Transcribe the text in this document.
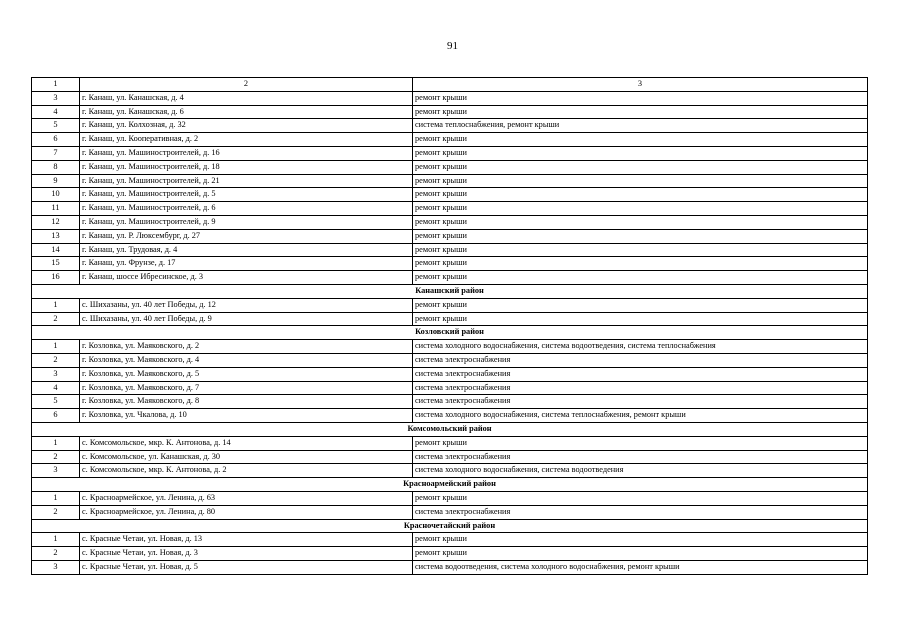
91
1	2	3
3	г. Канаш, ул. Канашская, д. 4	ремонт крыши
4	г. Канаш, ул. Канашская, д. 6	ремонт крыши
5	г. Канаш, ул. Колхозная, д. 32	система теплоснабжения, ремонт крыши
6	г. Канаш, ул. Кооперативная, д. 2	ремонт крыши
7	г. Канаш, ул. Машиностроителей, д. 16	ремонт крыши
8	г. Канаш, ул. Машиностроителей, д. 18	ремонт крыши
9	г. Канаш, ул. Машиностроителей, д. 21	ремонт крыши
10	г. Канаш, ул. Машиностроителей, д. 5	ремонт крыши
11	г. Канаш, ул. Машиностроителей, д. 6	ремонт крыши
12	г. Канаш, ул. Машиностроителей, д. 9	ремонт крыши
13	г. Канаш, ул. Р. Люксембург, д. 27	ремонт крыши
14	г. Канаш, ул. Трудовая, д. 4	ремонт крыши
15	г. Канаш, ул. Фрунзе, д. 17	ремонт крыши
16	г. Канаш, шоссе Ибресинское, д. 3	ремонт крыши
Канашский район		
1	с. Шихазаны, ул. 40 лет Победы, д. 12	ремонт крыши
2	с. Шихазаны, ул. 40 лет Победы, д. 9	ремонт крыши
Козловский район		
1	г. Козловка, ул. Маяковского, д. 2	система холодного водоснабжения, система водоотведения, система теплоснабжения
2	г. Козловка, ул. Маяковского, д. 4	система электроснабжения
3	г. Козловка, ул. Маяковского, д. 5	система электроснабжения
4	г. Козловка, ул. Маяковского, д. 7	система электроснабжения
5	г. Козловка, ул. Маяковского, д. 8	система электроснабжения
6	г. Козловка, ул. Чкалова, д. 10	система холодного водоснабжения, система теплоснабжения, ремонт крыши
Комсомольский район		
1	с. Комсомольское, мкр. К. Антонова, д. 14	ремонт крыши
2	с. Комсомольское, ул. Канашская, д. 30	система электроснабжения
3	с. Комсомольское, мкр. К. Антонова, д. 2	система холодного водоснабжения, система водоотведения
Красноармейский район		
1	с. Красноармейское, ул. Ленина, д. 63	ремонт крыши
2	с. Красноармейское, ул. Ленина, д. 80	система электроснабжения
Красночетайский район		
1	с. Красные Четаи, ул. Новая, д. 13	ремонт крыши
2	с. Красные Четаи, ул. Новая, д. 3	ремонт крыши
3	с. Красные Четаи, ул. Новая, д. 5	система водоотведения, система холодного водоснабжения, ремонт крыши
